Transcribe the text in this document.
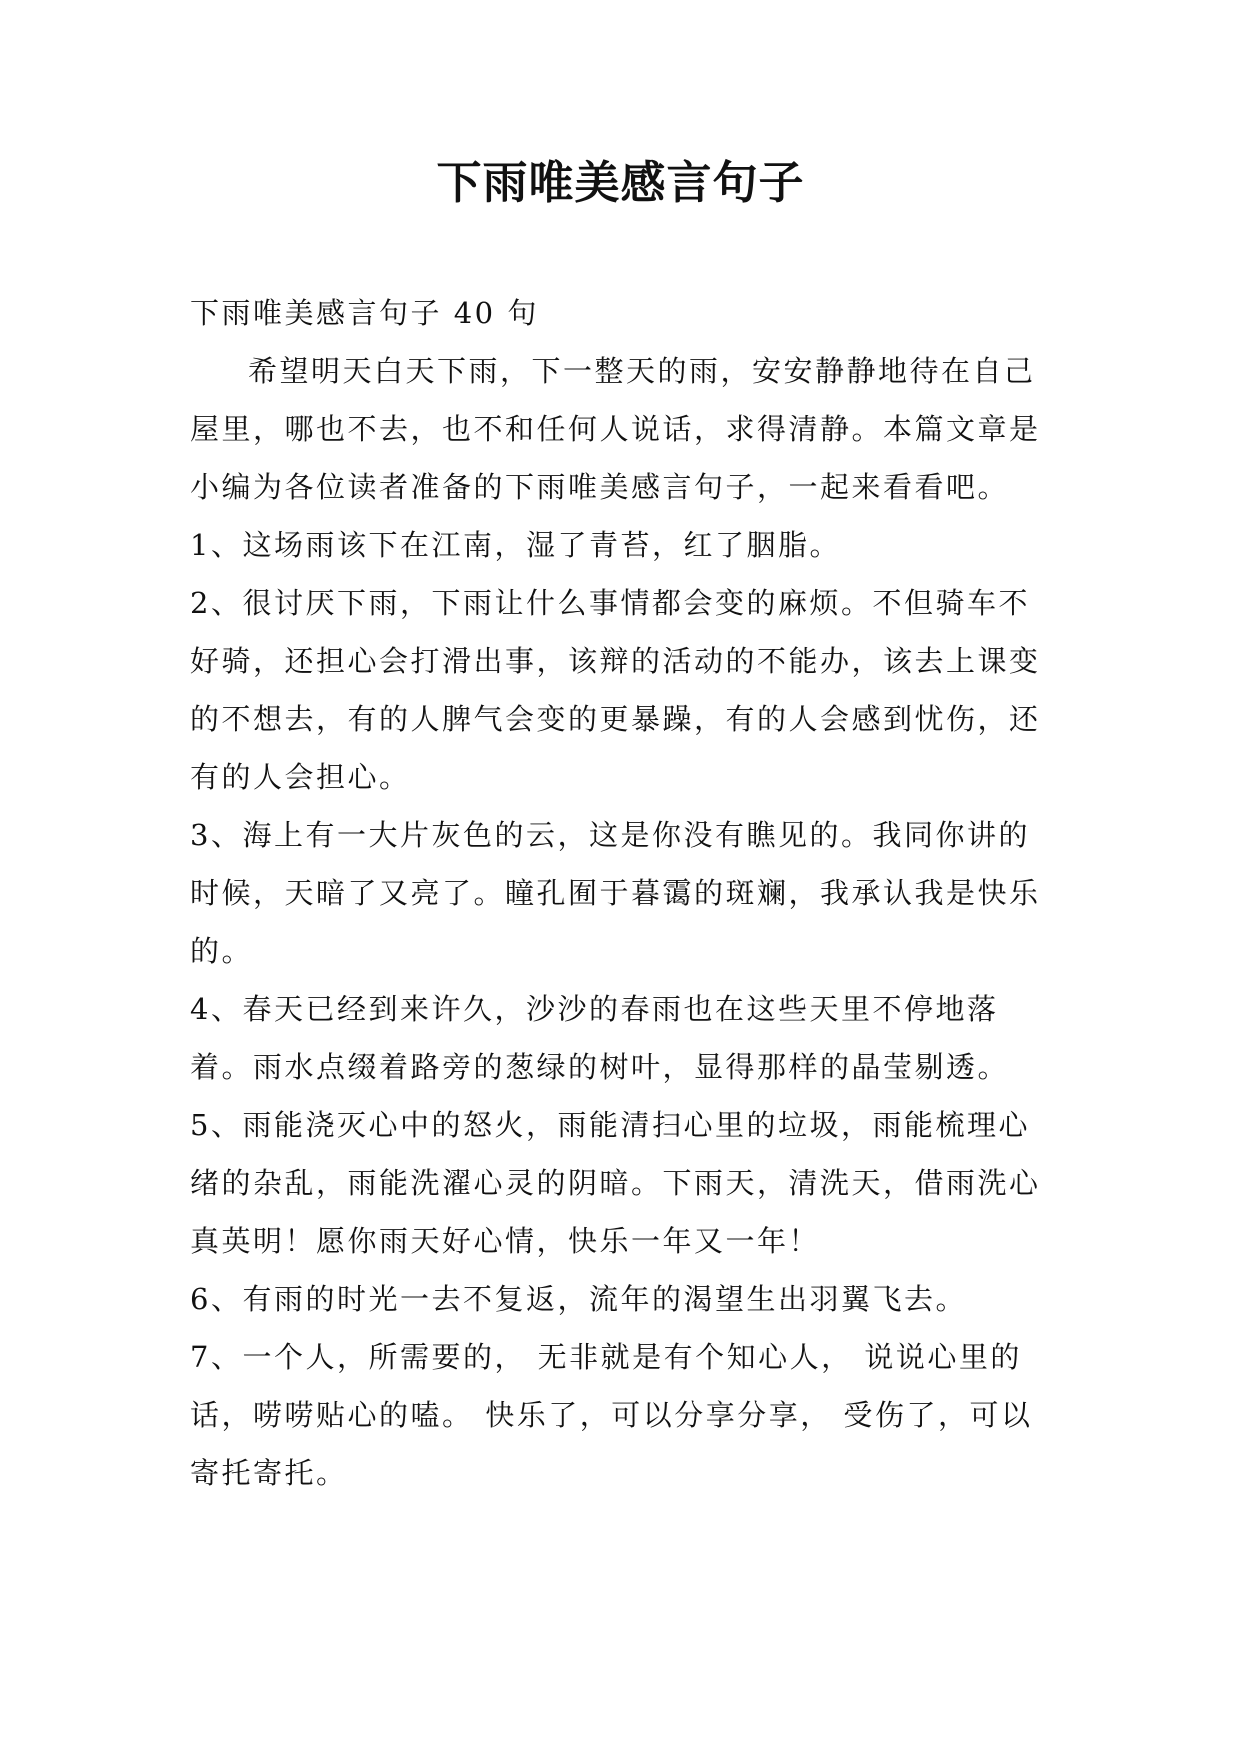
下雨唯美感言句子

下雨唯美感言句子 40 句

希望明天白天下雨，下一整天的雨，安安静静地待在自己屋里，哪也不去，也不和任何人说话，求得清静。本篇文章是小编为各位读者准备的下雨唯美感言句子，一起来看看吧。

1、这场雨该下在江南，湿了青苔，红了胭脂。

2、很讨厌下雨，下雨让什么事情都会变的麻烦。不但骑车不好骑，还担心会打滑出事，该辩的活动的不能办，该去上课变的不想去，有的人脾气会变的更暴躁，有的人会感到忧伤，还有的人会担心。

3、海上有一大片灰色的云，这是你没有瞧见的。我同你讲的时候，天暗了又亮了。瞳孔囿于暮霭的斑斓，我承认我是快乐的。

4、春天已经到来许久，沙沙的春雨也在这些天里不停地落着。雨水点缀着路旁的葱绿的树叶，显得那样的晶莹剔透。

5、雨能浇灭心中的怒火，雨能清扫心里的垃圾，雨能梳理心绪的杂乱，雨能洗濯心灵的阴暗。下雨天，清洗天，借雨洗心真英明！愿你雨天好心情，快乐一年又一年！

6、有雨的时光一去不复返，流年的渴望生出羽翼飞去。

7、一个人，所需要的， 无非就是有个知心人， 说说心里的话，唠唠贴心的嗑。 快乐了，可以分享分享， 受伤了，可以寄托寄托。
